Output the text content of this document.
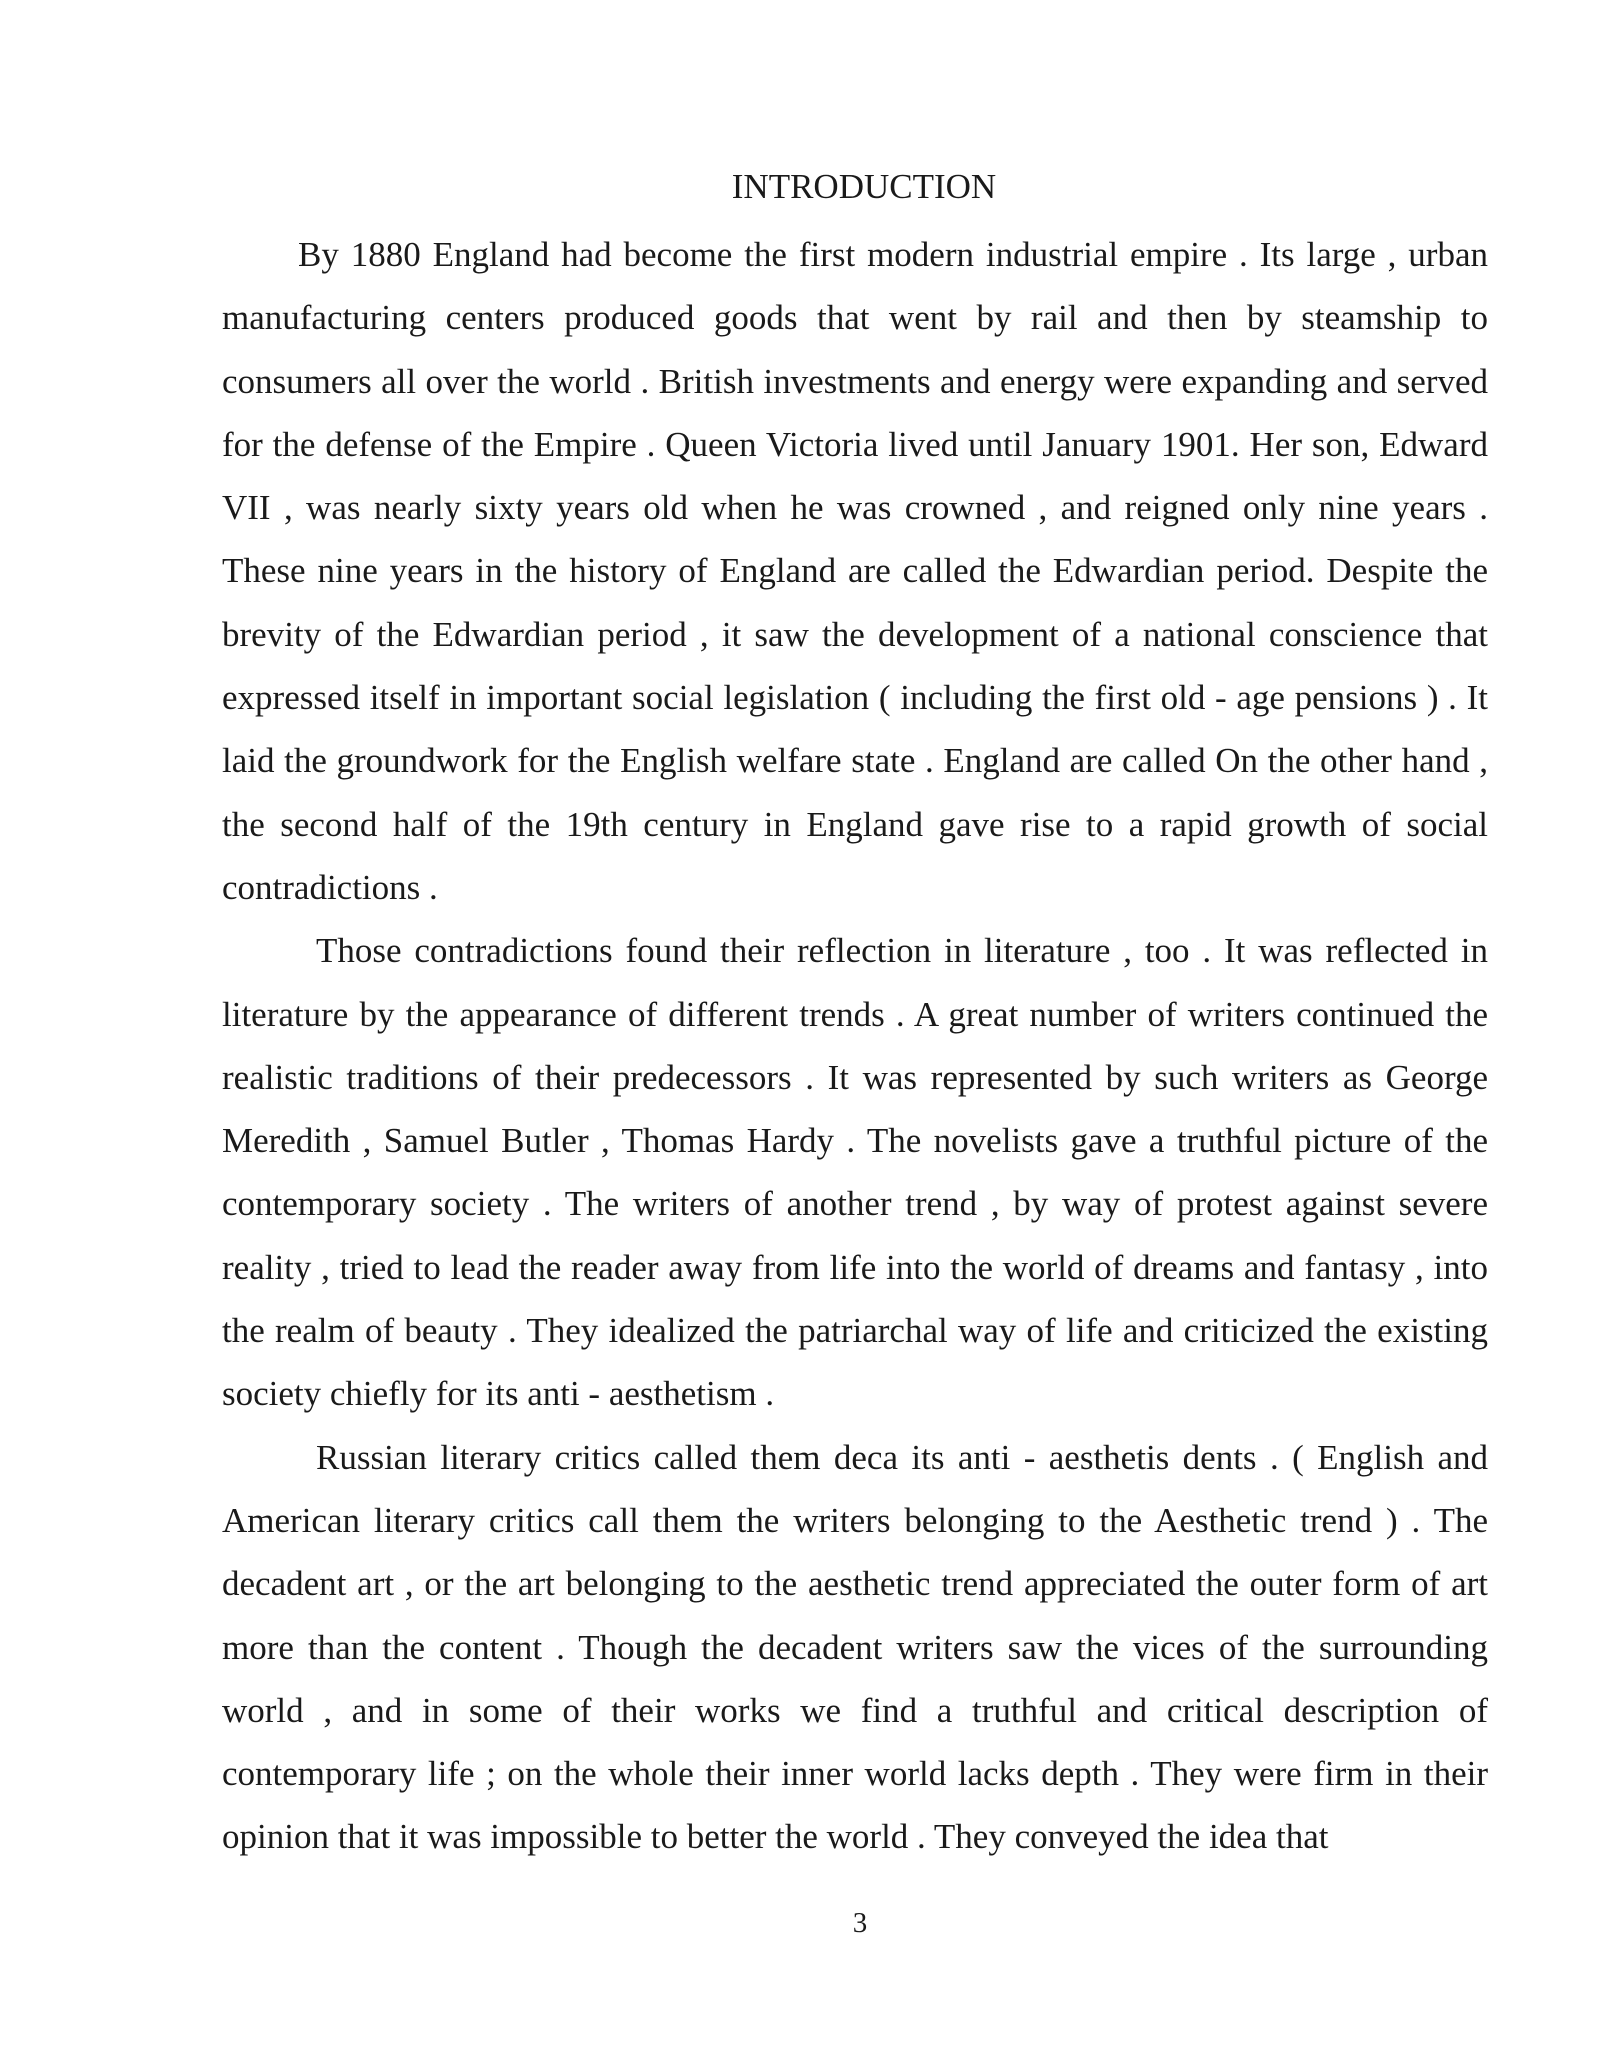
INTRODUCTION

By 1880 England had become the first modern industrial empire . Its large , urban manufacturing centers produced goods that went by rail and then by steamship to consumers all over the world . British investments and energy were expanding and served for the defense of the Empire . Queen Victoria lived until January 1901. Her son, Edward VII , was nearly sixty years old when he was crowned , and reigned only nine years . These nine years in the history of England are called the Edwardian period. Despite the brevity of the Edwardian period , it saw the development of a national conscience that expressed itself in important social legislation ( including the first old - age pensions ) . It laid the groundwork for the English welfare state . England are called On the other hand , the second half of the 19th century in England gave rise to a rapid growth of social contradictions .

Those contradictions found their reflection in literature , too . It was reflected in literature by the appearance of different trends . A great number of writers continued the realistic traditions of their predecessors . It was represented by such writers as George Meredith , Samuel Butler , Thomas Hardy . The novelists gave a truthful picture of the contemporary society . The writers of another trend , by way of protest against severe reality , tried to lead the reader away from life into the world of dreams and fantasy , into the realm of beauty . They idealized the patriarchal way of life and criticized the existing society chiefly for its anti - aesthetism .

Russian literary critics called them deca its anti - aesthetis dents . ( English and American literary critics call them the writers belonging to the Aesthetic trend ) . The decadent art , or the art belonging to the aesthetic trend appreciated the outer form of art more than the content . Though the decadent writers saw the vices of the surrounding world , and in some of their works we find a truthful and critical description of contemporary life ; on the whole their inner world lacks depth . They were firm in their opinion that it was impossible to better the world . They conveyed the idea that

3
